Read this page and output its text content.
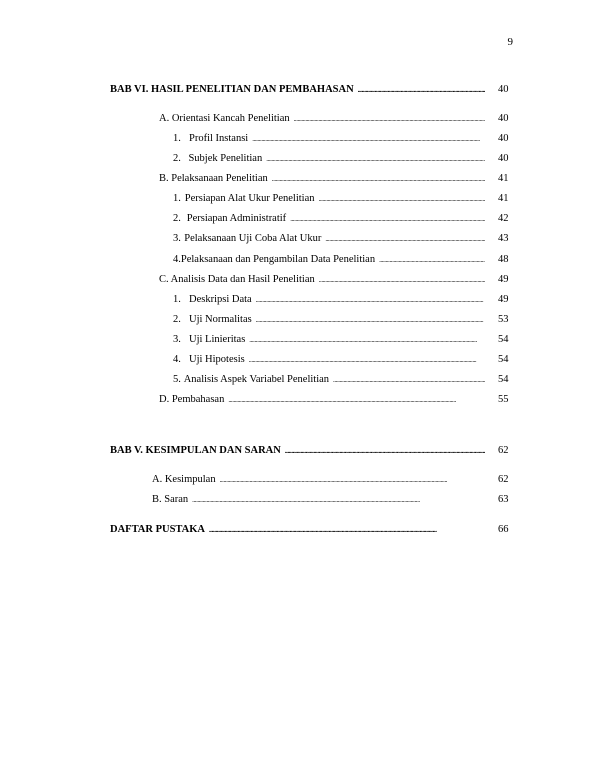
9
BAB VI. HASIL PENELITIAN DAN PEMBAHASAN . . .	40
A. Orientasi Kancah Penelitian . . .	40
1. Profil Instansi . . .	40
2. Subjek Penelitian . . .	40
B. Pelaksanaan Penelitian . . .	41
1. Persiapan Alat Ukur Penelitian . . .	41
2. Persiapan Administratif . . .	42
3. Pelaksanaan Uji Coba Alat Ukur . . .	43
4. Pelaksanaan dan Pengambilan Data Penelitian . . .	48
C. Analisis Data dan Hasil Penelitian . . .	49
1. Deskripsi Data . . .	49
2. Uji Normalitas . . .	53
3. Uji Linieritas . . .	54
4. Uji Hipotesis . . .	54
5. Analisis Aspek Variabel Penelitian . . .	54
D. Pembahasan . . .	55
BAB V. KESIMPULAN DAN SARAN . . .	62
A. Kesimpulan . . .	62
B. Saran . . .	63
DAFTAR PUSTAKA . . .	66
